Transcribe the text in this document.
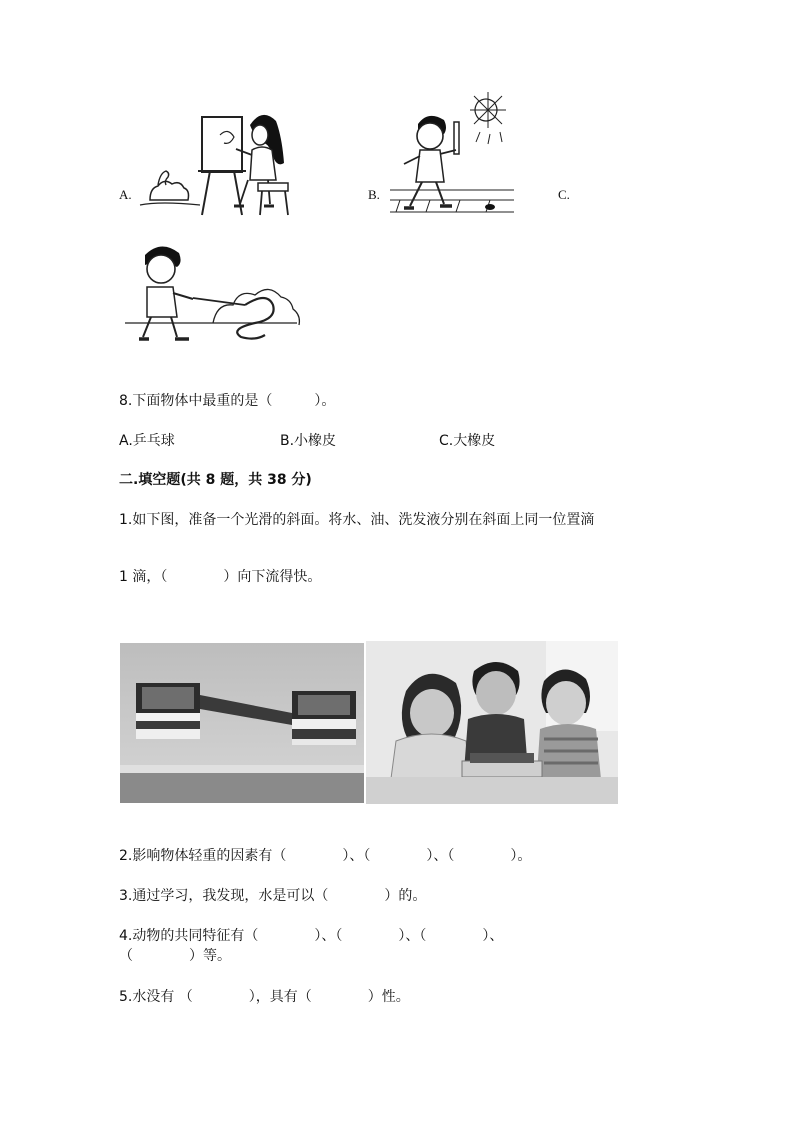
A.	B.	C.
8.下面物体中最重的是（　　　）。
A.乒乓球	B.小橡皮	C.大橡皮
二.填空题(共 8 题，共 38 分)
1.如下图，准备一个光滑的斜面。将水、油、洗发液分别在斜面上同一位置滴
1 滴，（　　　　）向下流得快。
2.影响物体轻重的因素有（　　　　）、（　　　　）、（　　　　）。
3.通过学习，我发现，水是可以（　　　　）的。
4.动物的共同特征有（　　　　）、（　　　　）、（　　　　）、
（　　　　）等。
5.水没有 （　　　　），具有（　　　　）性。
